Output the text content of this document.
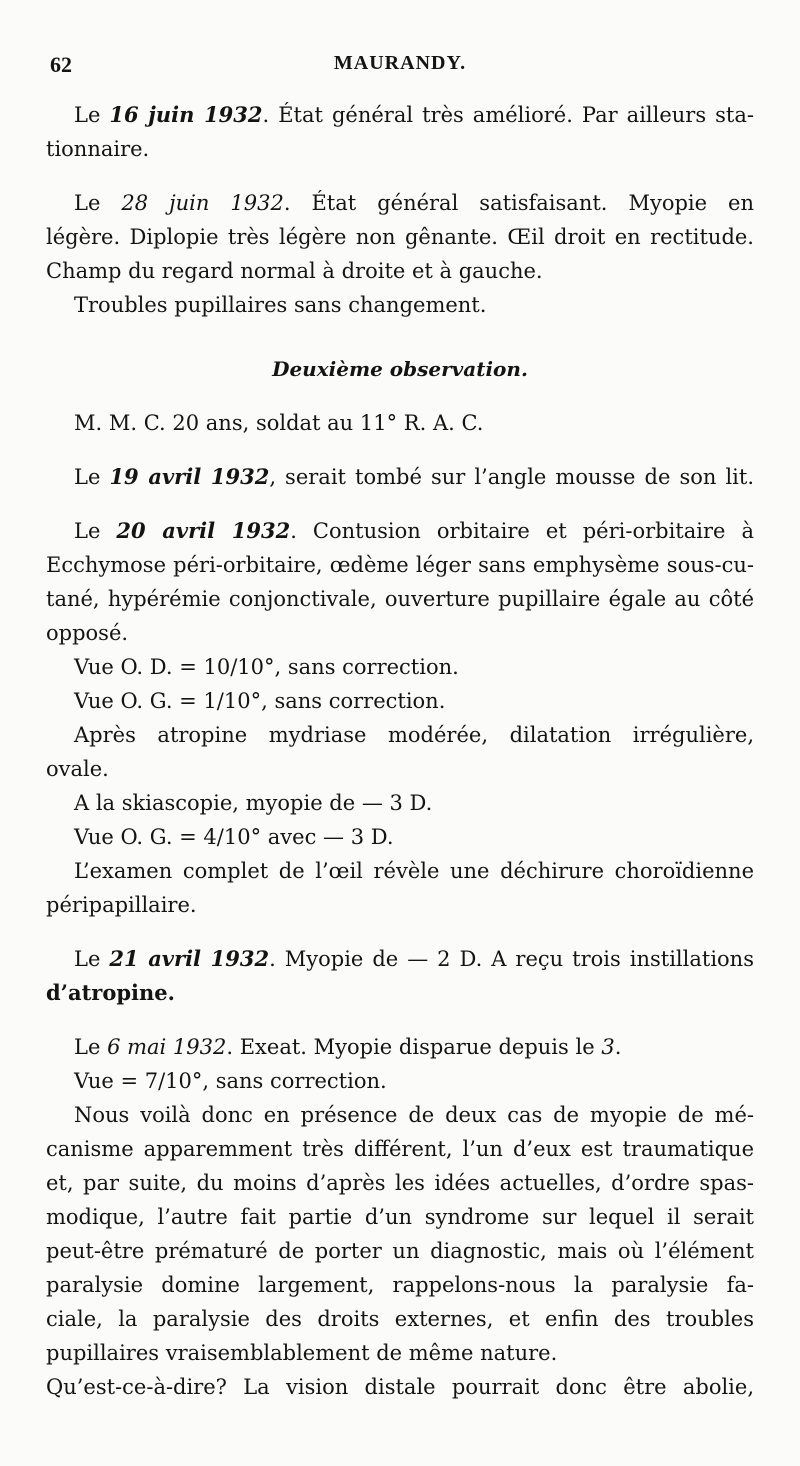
62	MAURANDY.
Le 16 juin 1932. État général très amélioré. Par ailleurs sta-
tionnaire.
Le 28 juin 1932. État général satisfaisant. Myopie en
légère. Diplopie très légère non gênante. Œil droit en rectitude.
Champ du regard normal à droite et à gauche.
Troubles pupillaires sans changement.
Deuxième observation.
M. M. C. 20 ans, soldat au 11° R. A. C.
Le 19 avril 1932, serait tombé sur l’angle mousse de son lit.
Le 20 avril 1932. Contusion orbitaire et péri-orbitaire à
Ecchymose péri-orbitaire, œdème léger sans emphysème sous-cu-
tané, hypérémie conjonctivale, ouverture pupillaire égale au côté
opposé.
Vue O. D. = 10/10°, sans correction.
Vue O. G. = 1/10°, sans correction.
Après atropine mydriase modérée, dilatation irrégulière,
ovale.
A la skiascopie, myopie de — 3 D.
Vue O. G. = 4/10° avec — 3 D.
L’examen complet de l’œil révèle une déchirure choroïdienne
péripapillaire.
Le 21 avril 1932. Myopie de — 2 D. A reçu trois instillations
d’atropine.
Le 6 mai 1932. Exeat. Myopie disparue depuis le 3.
Vue = 7/10°, sans correction.
Nous voilà donc en présence de deux cas de myopie de mé-
canisme apparemment très différent, l’un d’eux est traumatique
et, par suite, du moins d’après les idées actuelles, d’ordre spas-
modique, l’autre fait partie d’un syndrome sur lequel il serait
peut-être prématuré de porter un diagnostic, mais où l’élément
paralysie domine largement, rappelons-nous la paralysie fa-
ciale, la paralysie des droits externes, et enfin des troubles
pupillaires vraisemblablement de même nature.
Qu’est-ce-à-dire? La vision distale pourrait donc être abolie,
